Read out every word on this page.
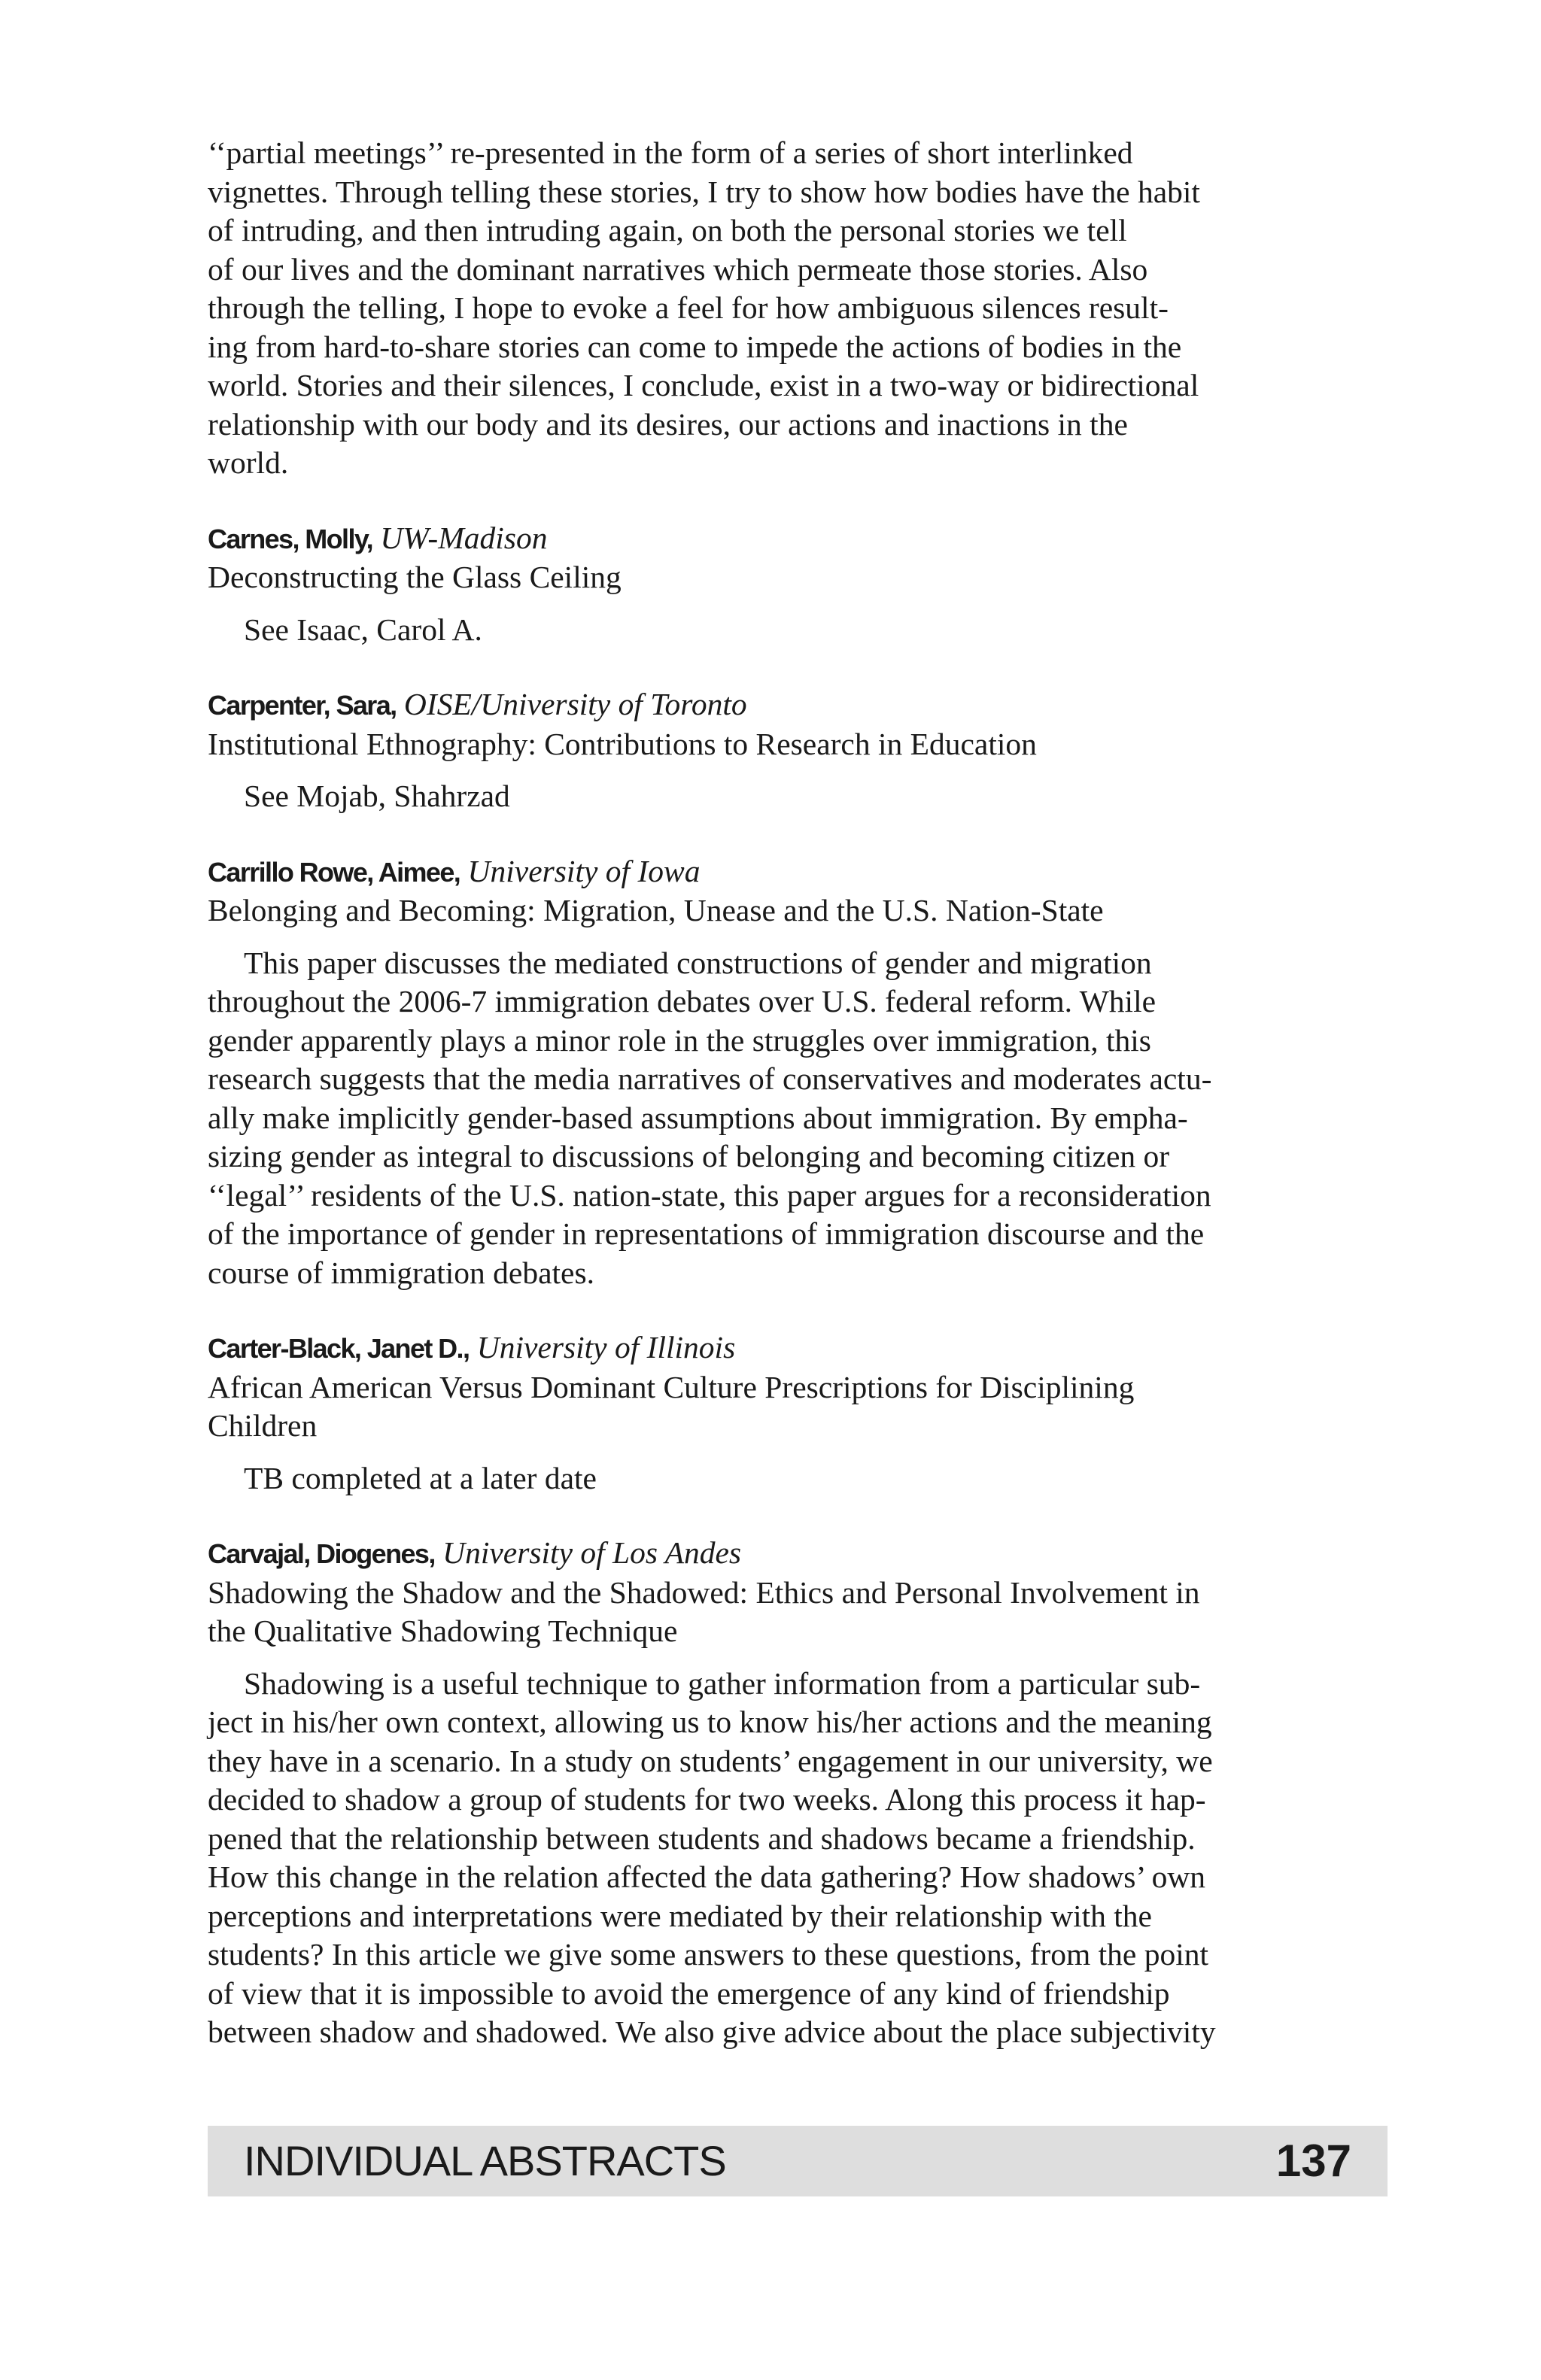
‘‘partial meetings’’ re-presented in the form of a series of short interlinked
vignettes. Through telling these stories, I try to show how bodies have the habit
of intruding, and then intruding again, on both the personal stories we tell
of our lives and the dominant narratives which permeate those stories. Also
through the telling, I hope to evoke a feel for how ambiguous silences result-
ing from hard-to-share stories can come to impede the actions of bodies in the
world. Stories and their silences, I conclude, exist in a two-way or bidirectional
relationship with our body and its desires, our actions and inactions in the
world.
Carnes, Molly, UW-Madison
Deconstructing the Glass Ceiling
See Isaac, Carol A.
Carpenter, Sara, OISE/University of Toronto
Institutional Ethnography: Contributions to Research in Education
See Mojab, Shahrzad
Carrillo Rowe, Aimee, University of Iowa
Belonging and Becoming: Migration, Unease and the U.S. Nation-State
This paper discusses the mediated constructions of gender and migration
throughout the 2006-7 immigration debates over U.S. federal reform. While
gender apparently plays a minor role in the struggles over immigration, this
research suggests that the media narratives of conservatives and moderates actu-
ally make implicitly gender-based assumptions about immigration. By empha-
sizing gender as integral to discussions of belonging and becoming citizen or
‘‘legal’’ residents of the U.S. nation-state, this paper argues for a reconsideration
of the importance of gender in representations of immigration discourse and the
course of immigration debates.
Carter-Black, Janet D., University of Illinois
African American Versus Dominant Culture Prescriptions for Disciplining
Children
TB completed at a later date
Carvajal, Diogenes, University of Los Andes
Shadowing the Shadow and the Shadowed: Ethics and Personal Involvement in
the Qualitative Shadowing Technique
Shadowing is a useful technique to gather information from a particular sub-
ject in his/her own context, allowing us to know his/her actions and the meaning
they have in a scenario. In a study on students’ engagement in our university, we
decided to shadow a group of students for two weeks. Along this process it hap-
pened that the relationship between students and shadows became a friendship.
How this change in the relation affected the data gathering? How shadows’ own
perceptions and interpretations were mediated by their relationship with the
students? In this article we give some answers to these questions, from the point
of view that it is impossible to avoid the emergence of any kind of friendship
between shadow and shadowed. We also give advice about the place subjectivity
INDIVIDUAL ABSTRACTS	137
